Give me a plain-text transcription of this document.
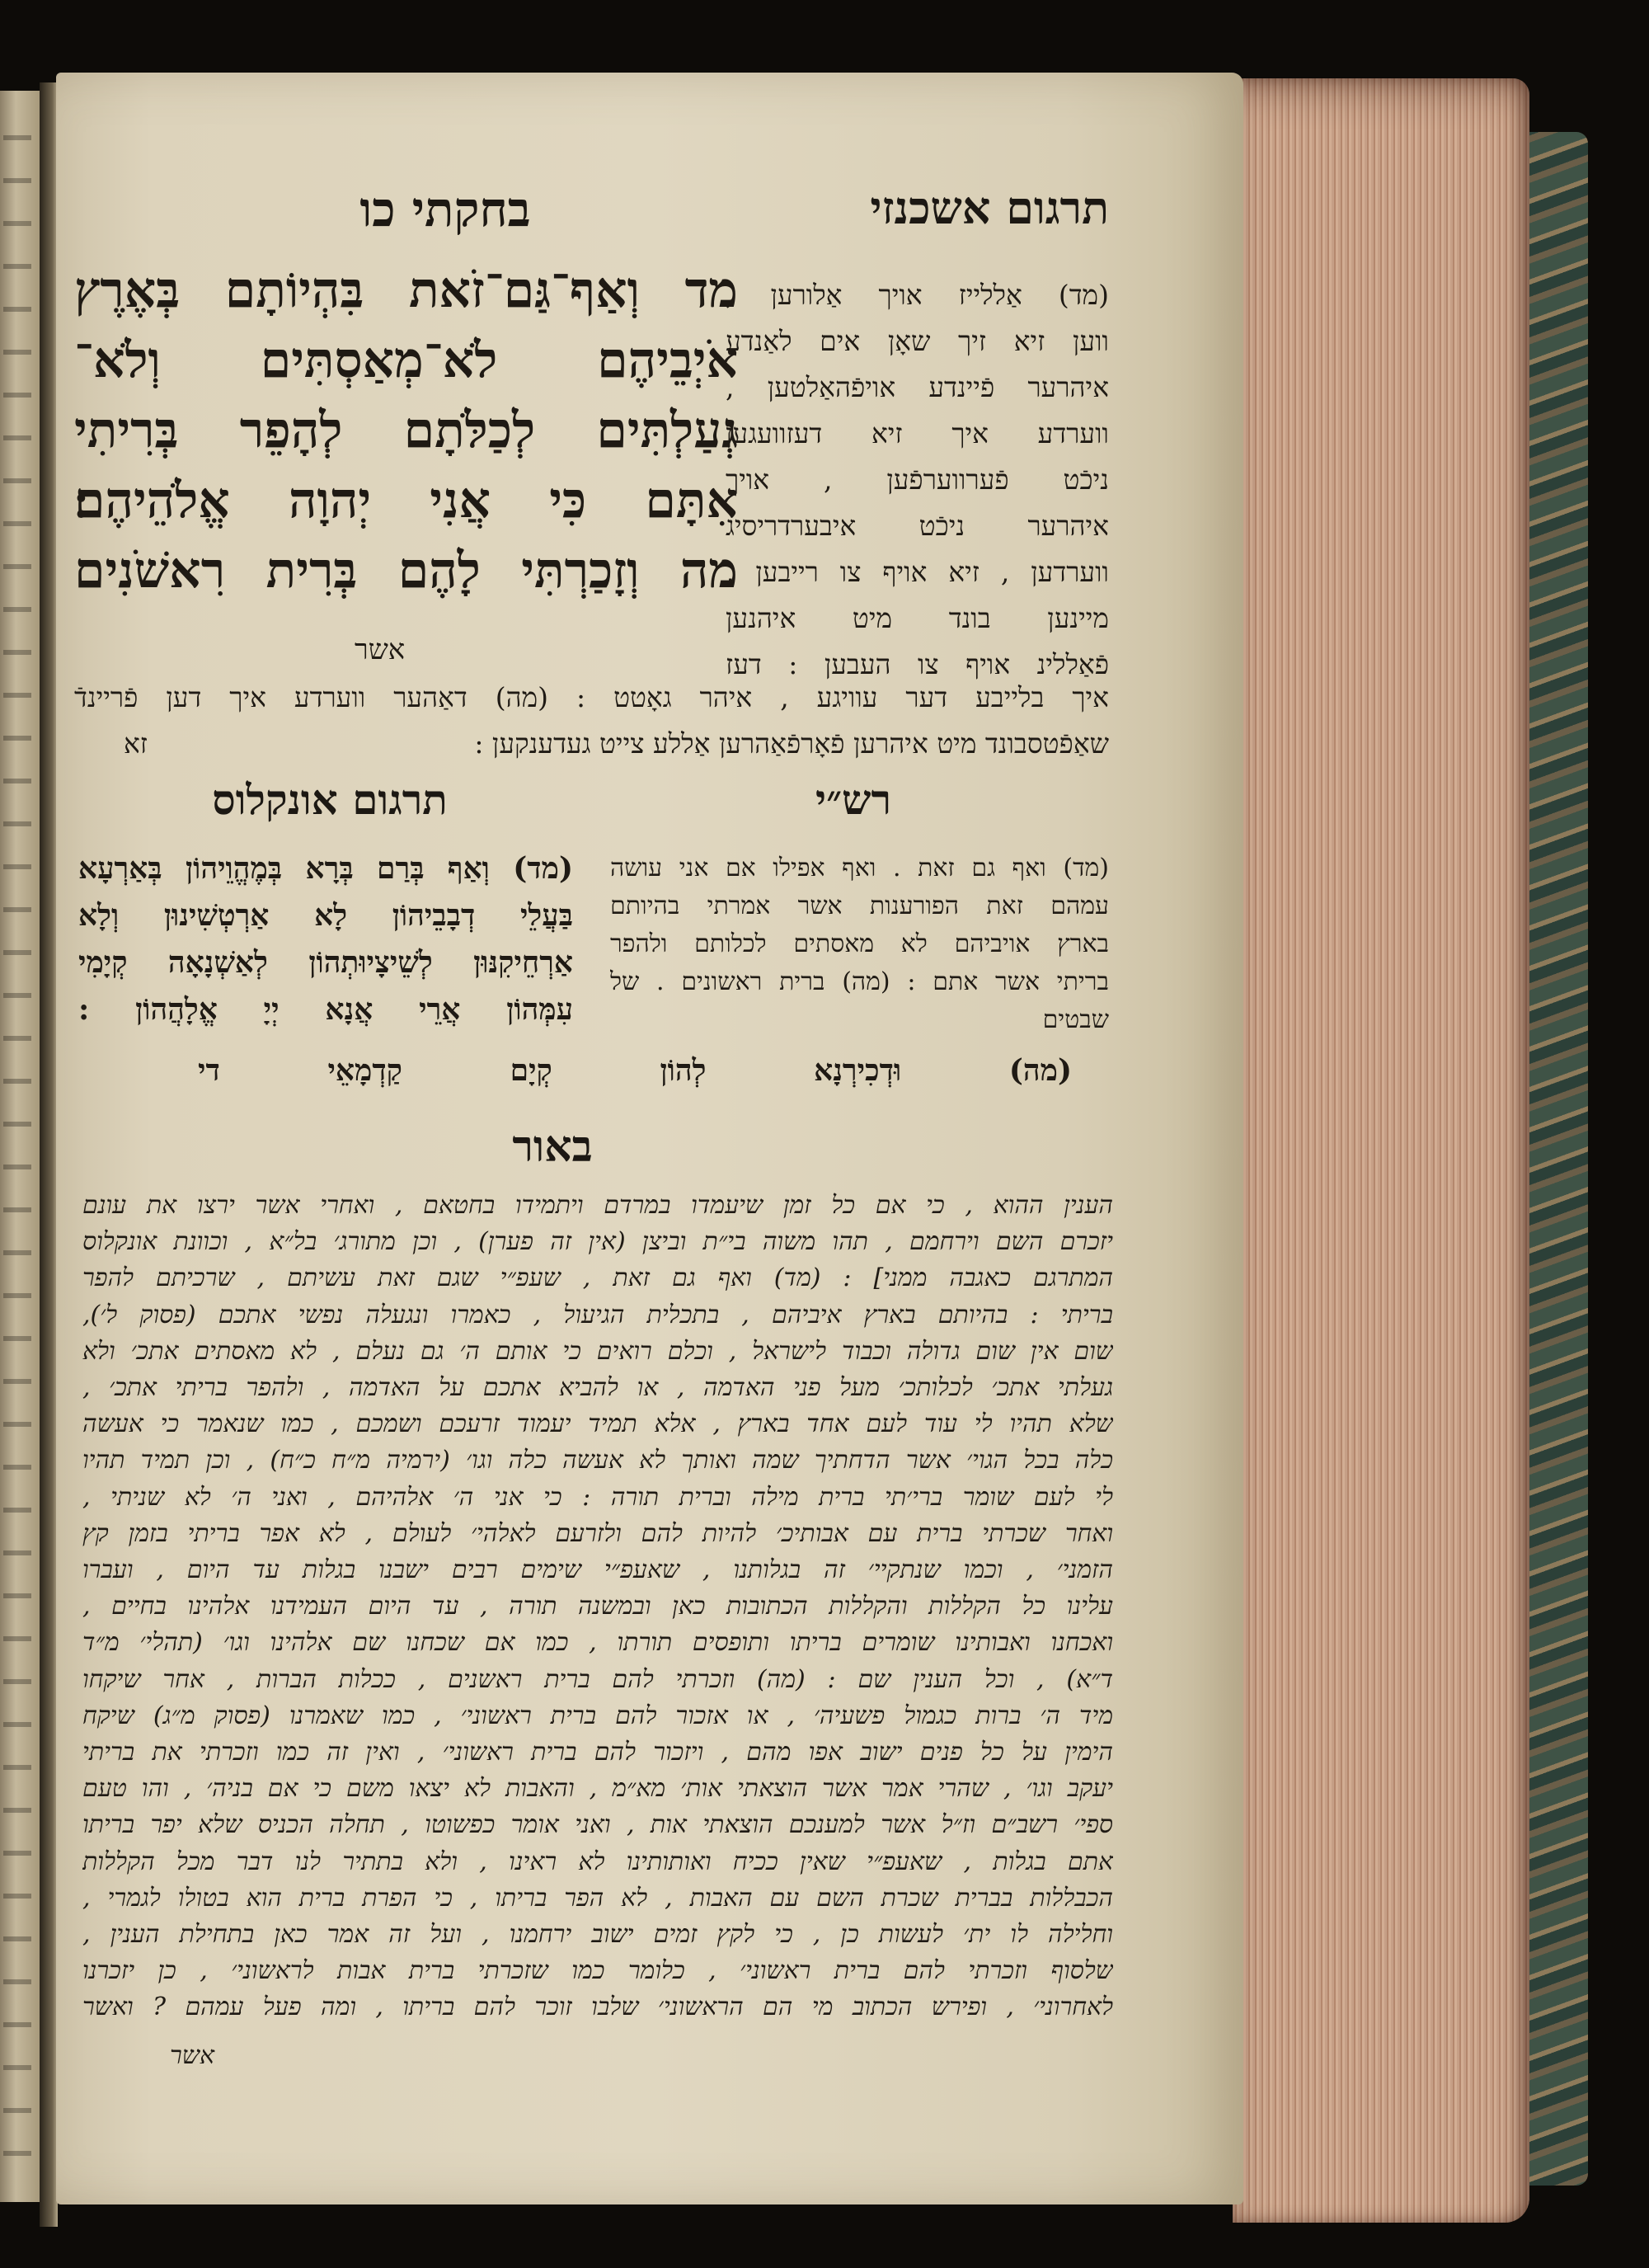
תרגום אשכנזי
בחקתי כו
מד וְאַף־גַּם־זֹאת בִּהְיוֹתָם בְּאֶרֶץ
אֹיְבֵיהֶם לֹא־מְאַסְתִּים וְלֹא־
גְעַלְתִּים לְכַלֹּתָם לְהָפֵר בְּרִיתִי
אִתָּם כִּי אֲנִי יְהוָה אֱלֹהֵיהֶם׃
מה וְזָכַרְתִּי לָהֶם בְּרִית רִאשֹׁנִים
אשר
(מד) אַללייז אויך אַלורען ,
ווען זיא זיך שאָן אים לאַנדע
איהרער פֿיינדע אויפֿהאַלטען ,
ווערדע איך זיא דעזוועגען
ניכֿט פֿערווערפֿען , אויך
איהרער ניכֿט איבערדריסיג
ווערדען , זיא אויף צו רייבען ,
מיינען בונד מיט איהנען
פֿאַללינ אויף צו העבען : דעז
איך בלייבע דער עוויגע , איהר גאָטט : (מה) דאַהער ווערדע איך דען פֿריינדֿ
שאַפֿטסבונד מיט איהרען פֿאָרפֿאַהרען אַללע צייט געדענקען :
זא
רש״י
תרגום אונקלוס
(מד) ואף גם זאת . ואף אפילו אם אני עושה
עמהם זאת הפורענות אשר אמרתי בהיותם
בארץ אויביהם לא מאסתים לכלותם ולהפר
בריתי אשר אתם : (מה) ברית ראשונים . של
שבטים
(מד) וְאַף בְּרַם בְּרָא בְּמֶהֱוֵיהוֹן בְּאַרְעָא
בַּעֲלֵי דְבָבֵיהוֹן לָא אַרְטְשִׁינוּן וְלָא
אַרְחֵיקִנּוּן לְשֵׁיצָיוּתְהוֹן לְאַשְׁנָאָה קְיָמִי
עִמְּהוֹן אֲרֵי אֲנָא יְיָ אֱלָהֲהוֹן :
(מה) וּדְכִירְנָא לְהוֹן קְיָם קַדְמָאֵי די
באור
הענין ההוא , כי אם כל זמן שיעמדו במרדם ויתמידו בחטאם , ואחרי אשר ירצו את עונם
יזכרם השם וירחמם , תהו משוה בי״ת וביצן (אין זה פערן) , וכן מתורג׳ בל״א , וכוונת אונקלוס
המתרגם כאגבה ממני] : (מד) ואף גם זאת , שעפ״י שגם זאת עשיתם , שרכיתם להפר
בריתי : בהיותם בארץ איביהם , בתכלית הגיעול , כאמרו ונגעלה נפשי אתכם (פסוק ל׳),
שום אין שום גדולה וכבוד לישראל , וכלם רואים כי אותם ה׳ גם נעלם , לא מאסתים אתכ׳ ולא
געלתי אתכ׳ לכלותכ׳ מעל פני האדמה , או להביא אתכם על האדמה , ולהפר בריתי אתכ׳ ,
שלא תהיו לי עוד לעם אחד בארץ , אלא תמיד יעמוד זרעכם ושמכם , כמו שנאמר כי אעשה
כלה בכל הגוי׳ אשר הדחתיך שמה ואותך לא אעשה כלה וגו׳ (ירמיה מ״ח כ״ח) , וכן תמיד תהיו
לי לעם שומר ברי׳תי ברית מילה וברית תורה : כי אני ה׳ אלהיהם , ואני ה׳ לא שניתי ,
ואחר שכרתי ברית עם אבותיכ׳ להיות להם ולזרעם לאלהי׳ לעולם , לא אפר בריתי בזמן קץ
הזמני׳ , וכמו שנתקיי׳ זה בגלותנו , שאעפ״י שימים רבים ישבנו בגלות עד היום , ועברו
עלינו כל הקללות והקללות הכתובות כאן ובמשנה תורה , עד היום העמידנו אלהינו בחיים ,
ואכחנו ואבותינו שומרים בריתו ותופסים תורתו , כמו אם שכחנו שם אלהינו וגו׳ (תהלי׳ מ״ד
ד״א) , וכל הענין שם : (מה) וזכרתי להם ברית ראשנים , ככלות הברות , אחר שיקחו
מיד ה׳ ברות כגמול פשעיה׳ , או אזכור להם ברית ראשוני׳ , כמו שאמרנו (פסוק מ״ג) שיקח
הימין על כל פנים ישוב אפו מהם , ויזכור להם ברית ראשוני׳ , ואין זה כמו וזכרתי את בריתי
יעקב וגו׳ , שהרי אמר אשר הוצאתי אות׳ מא״מ , והאבות לא יצאו משם כי אם בניה׳ , והו טעם
ספי׳ רשב״ם וז״ל אשר למענכם הוצאתי אות , ואני אומר כפשוטו , תחלה הכניס שלא יפר בריתו
אתם בגלות , שאעפ״י שאין ככיח ואותותינו לא ראינו , ולא בתתיר לנו דבר מכל הקללות
הכבללות בברית שכרת השם עם האבות , לא הפר בריתו , כי הפרת ברית הוא בטולו לגמרי ,
וחלילה לו ית׳ לעשות כן , כי לקץ זמים ישוב ירחמנו , ועל זה אמר כאן בתחילת הענין ,
שלסוף וזכרתי להם ברית ראשוני׳ , כלומר כמו שזכרתי ברית אבות לראשוני׳ , כן יזכרנו
לאחרוני׳ , ופירש הכתוב מי הם הראשוני׳ שלבו זוכר להם בריתו , ומה פעל עמהם ? ואשר
אשר
